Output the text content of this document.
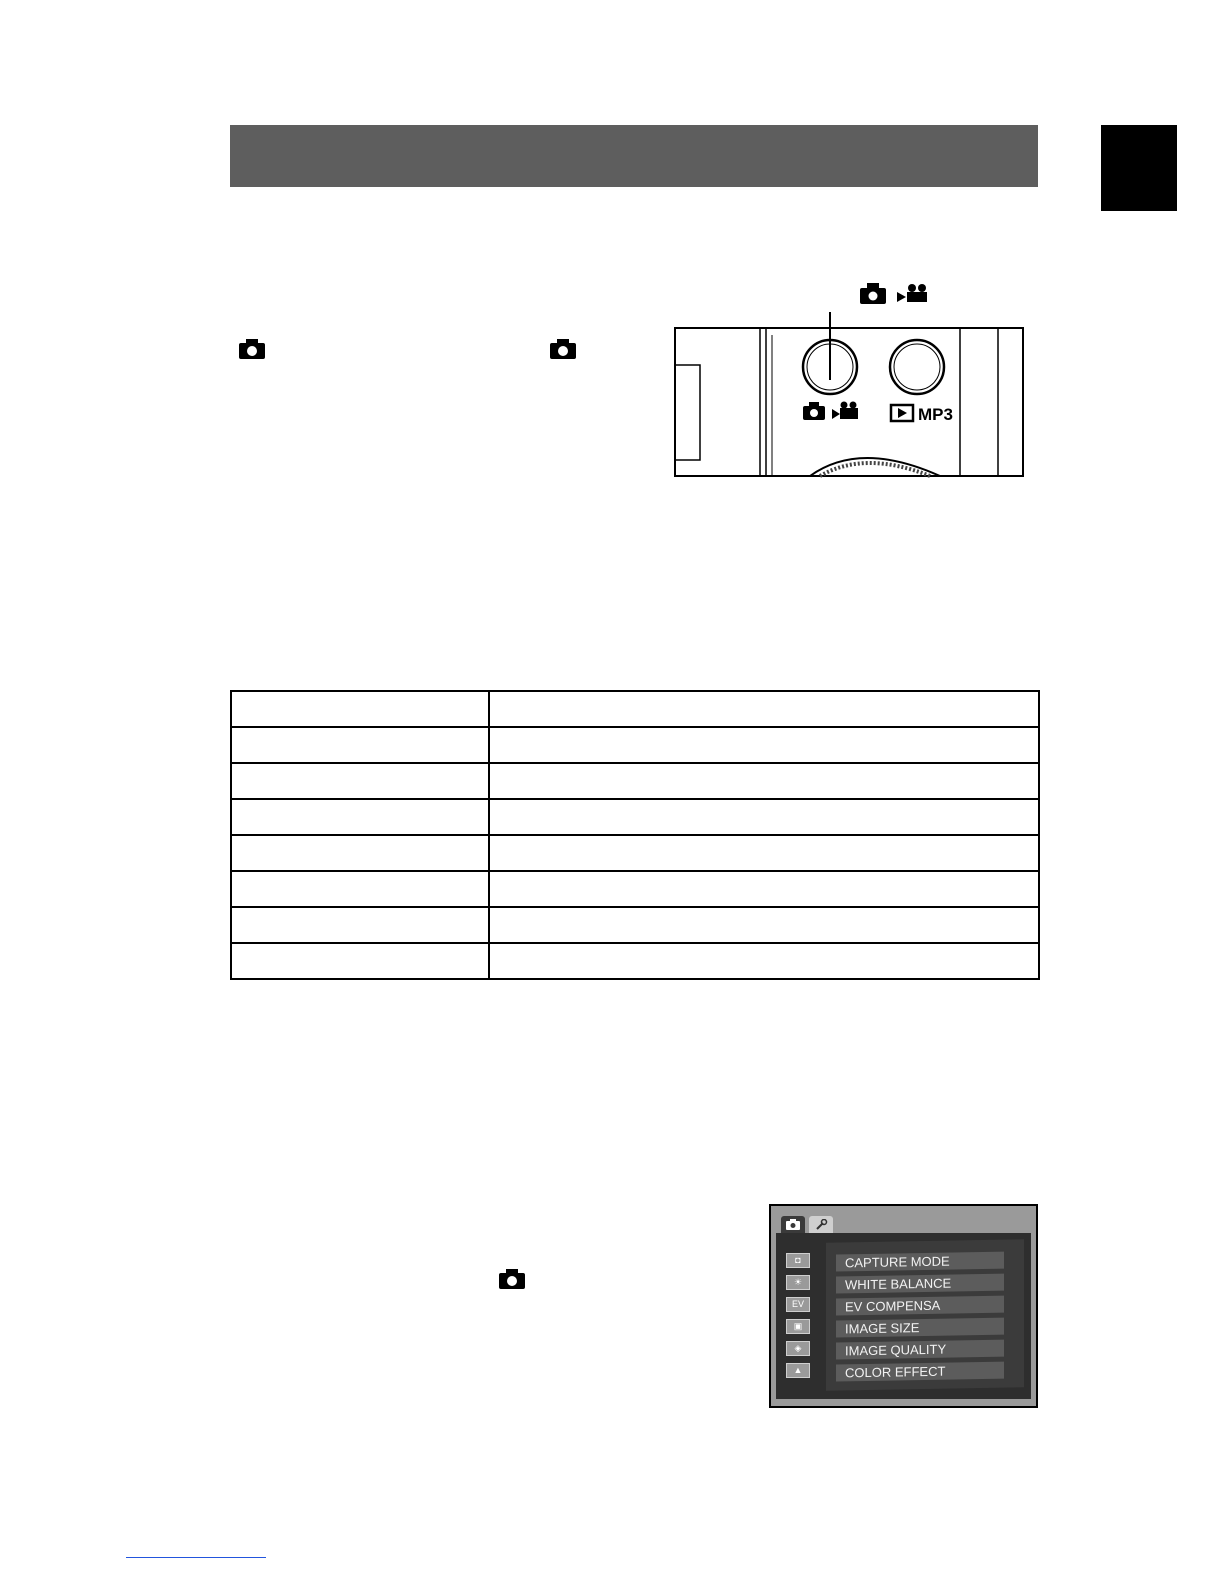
MP3

◘
☀
EV
▣
◈
▲
CAPTURE MODE
WHITE BALANCE
EV COMPENSA
IMAGE SIZE
IMAGE QUALITY
COLOR EFFECT
